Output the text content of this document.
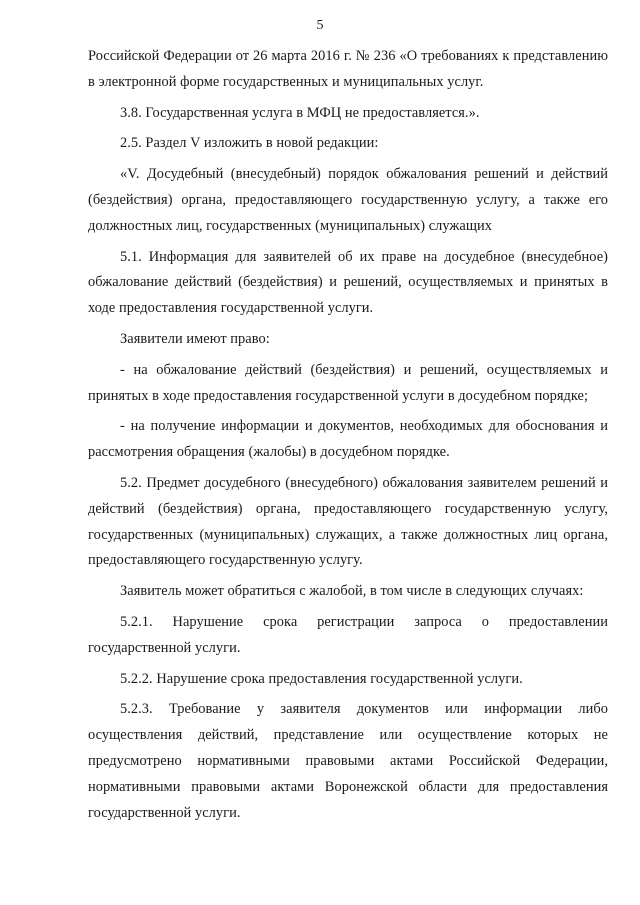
5

Российской Федерации от 26 марта 2016 г. № 236 «О требованиях к представлению в электронной форме государственных и муниципальных услуг.

3.8. Государственная услуга в МФЦ не предоставляется.».

2.5. Раздел V изложить в новой редакции:

«V. Досудебный (внесудебный) порядок обжалования решений и действий (бездействия) органа, предоставляющего государственную услугу, а также его должностных лиц, государственных (муниципальных) служащих

5.1. Информация для заявителей об их праве на досудебное (внесудебное) обжалование действий (бездействия) и решений, осуществляемых и принятых в ходе предоставления государственной услуги.

Заявители имеют право:

- на обжалование действий (бездействия) и решений, осуществляемых и принятых в ходе предоставления государственной услуги в досудебном порядке;

- на получение информации и документов, необходимых для обоснования и рассмотрения обращения (жалобы) в досудебном порядке.

5.2. Предмет досудебного (внесудебного) обжалования заявителем решений и действий (бездействия) органа, предоставляющего государственную услугу, государственных (муниципальных) служащих, а также должностных лиц органа, предоставляющего государственную услугу.

Заявитель может обратиться с жалобой, в том числе в следующих случаях:

5.2.1. Нарушение срока регистрации запроса о предоставлении государственной услуги.

5.2.2. Нарушение срока предоставления государственной услуги.

5.2.3. Требование у заявителя документов или информации либо осуществления действий, представление или осуществление которых не предусмотрено нормативными правовыми актами Российской Федерации, нормативными правовыми актами Воронежской области для предоставления государственной услуги.
